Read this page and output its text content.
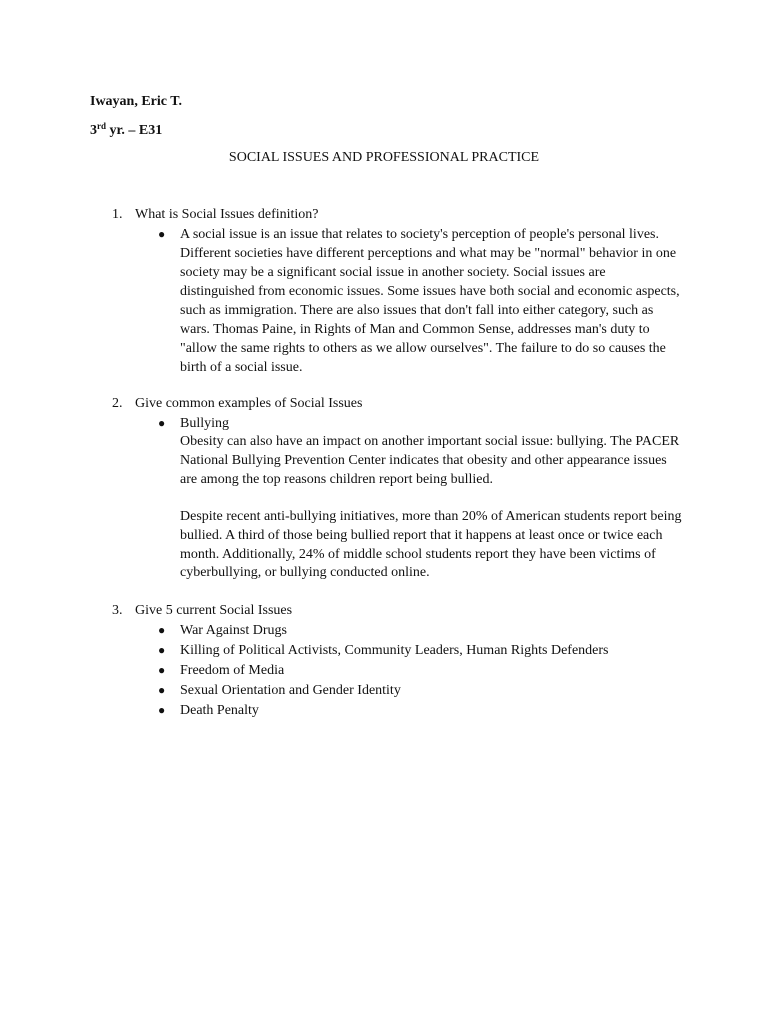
Iwayan, Eric T.
3rd yr. – E31
SOCIAL ISSUES AND PROFESSIONAL PRACTICE
1. What is Social Issues definition?
● A social issue is an issue that relates to society's perception of people's personal lives.
Different societies have different perceptions and what may be "normal" behavior in one
society may be a significant social issue in another society. Social issues are
distinguished from economic issues. Some issues have both social and economic aspects,
such as immigration. There are also issues that don't fall into either category, such as
wars. Thomas Paine, in Rights of Man and Common Sense, addresses man's duty to
"allow the same rights to others as we allow ourselves". The failure to do so causes the
birth of a social issue.
2. Give common examples of Social Issues
● Bullying
Obesity can also have an impact on another important social issue: bullying. The PACER
National Bullying Prevention Center indicates that obesity and other appearance issues
are among the top reasons children report being bullied.
Despite recent anti-bullying initiatives, more than 20% of American students report being
bullied. A third of those being bullied report that it happens at least once or twice each
month. Additionally, 24% of middle school students report they have been victims of
cyberbullying, or bullying conducted online.
3. Give 5 current Social Issues
● War Against Drugs
● Killing of Political Activists, Community Leaders, Human Rights Defenders
● Freedom of Media
● Sexual Orientation and Gender Identity
● Death Penalty
